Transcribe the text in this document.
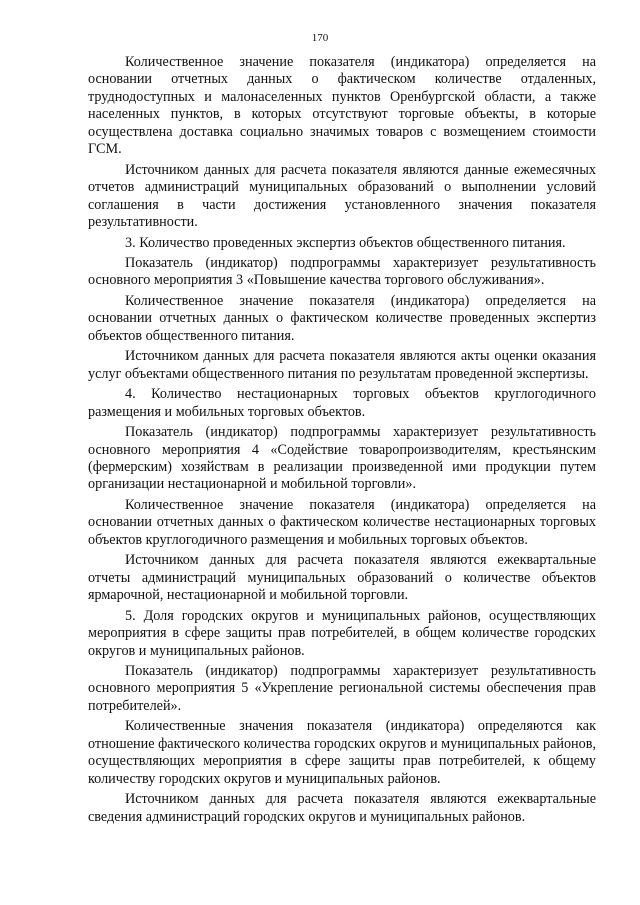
170

Количественное значение показателя (индикатора) определяется на основании отчетных данных о фактическом количестве отдаленных, труднодоступных и малонаселенных пунктов Оренбургской области, а также населенных пунктов, в которых отсутствуют торговые объекты, в которые осуществлена доставка социально значимых товаров с возмещением стоимости ГСМ.

Источником данных для расчета показателя являются данные ежемесячных отчетов администраций муниципальных образований о выполнении условий соглашения в части достижения установленного значения показателя результативности.

3. Количество проведенных экспертиз объектов общественного питания.

Показатель (индикатор) подпрограммы характеризует результативность основного мероприятия 3 «Повышение качества торгового обслуживания».

Количественное значение показателя (индикатора) определяется на основании отчетных данных о фактическом количестве проведенных экспертиз объектов общественного питания.

Источником данных для расчета показателя являются акты оценки оказания услуг объектами общественного питания по результатам проведенной экспертизы.

4. Количество нестационарных торговых объектов круглогодичного размещения и мобильных торговых объектов.

Показатель (индикатор) подпрограммы характеризует результативность основного мероприятия 4 «Содействие товаропроизводителям, крестьянским (фермерским) хозяйствам в реализации произведенной ими продукции путем организации нестационарной и мобильной торговли».

Количественное значение показателя (индикатора) определяется на основании отчетных данных о фактическом количестве нестационарных торговых объектов круглогодичного размещения и мобильных торговых объектов.

Источником данных для расчета показателя являются ежеквартальные отчеты администраций муниципальных образований о количестве объектов ярмарочной, нестационарной и мобильной торговли.

5. Доля городских округов и муниципальных районов, осуществляющих мероприятия в сфере защиты прав потребителей, в общем количестве городских округов и муниципальных районов.

Показатель (индикатор) подпрограммы характеризует результативность основного мероприятия 5 «Укрепление региональной системы обеспечения прав потребителей».

Количественные значения показателя (индикатора) определяются как отношение фактического количества городских округов и муниципальных районов, осуществляющих мероприятия в сфере защиты прав потребителей, к общему количеству городских округов и муниципальных районов.

Источником данных для расчета показателя являются ежеквартальные сведения администраций городских округов и муниципальных районов.
